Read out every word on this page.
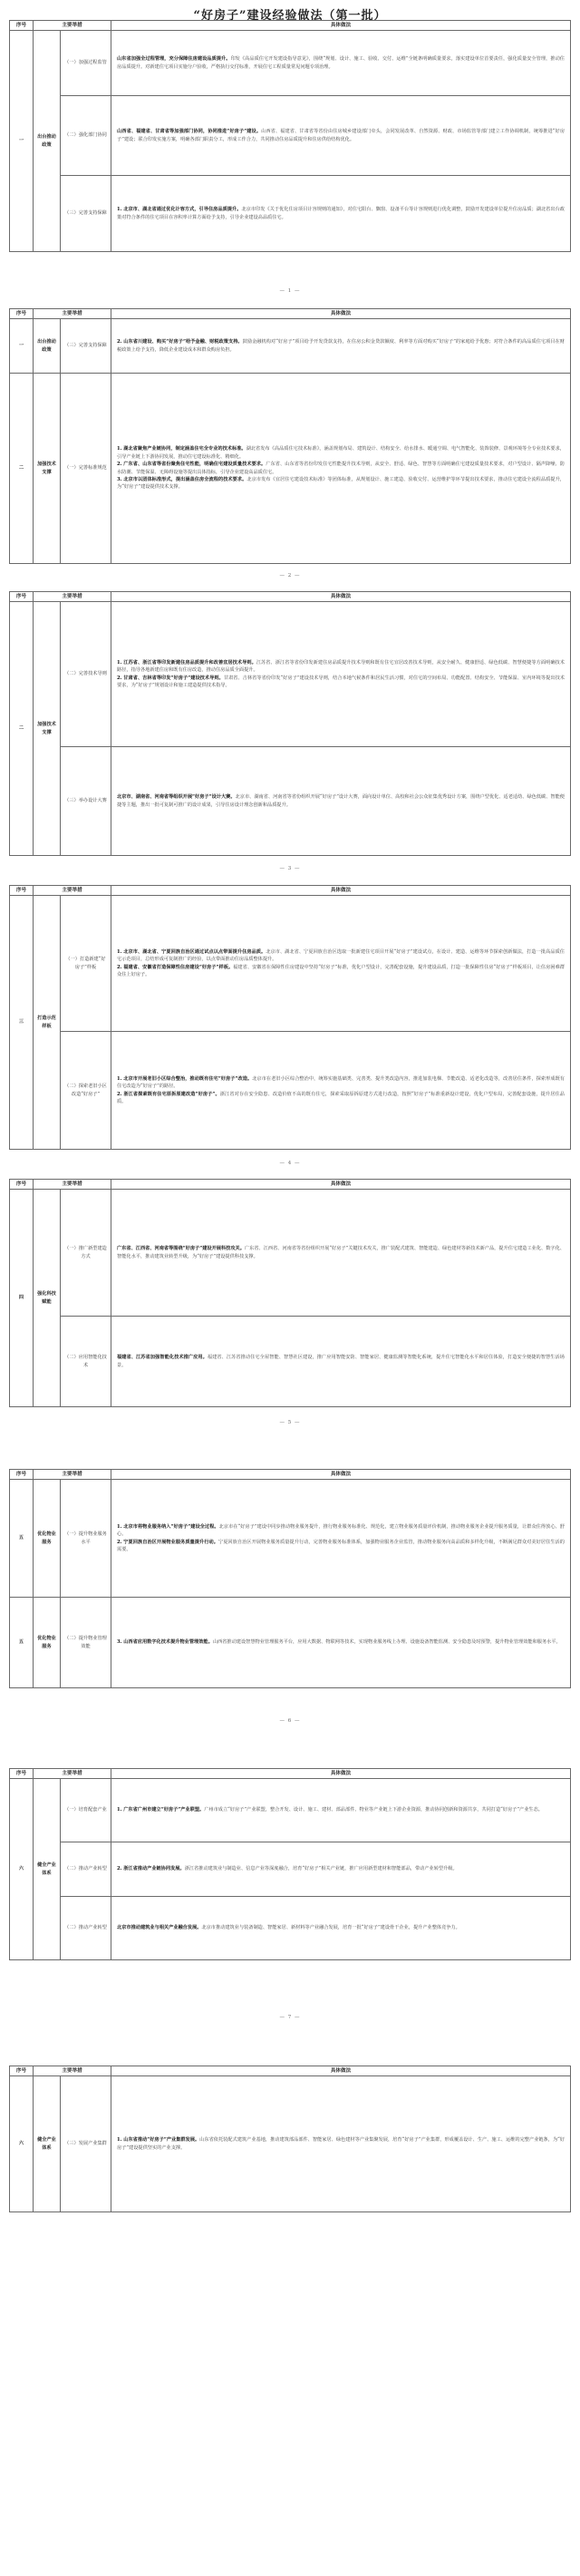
“好房子”建设经验做法（第一批）
序号	主要举措		具体做法
一	出台推动政策	（一）加强过程监管	山东省加强全过程管理，充分保障住房建设品质提升。印发《高品质住宅开发建设指导意见》，围绕“规划、设计、施工、验收、交付、运维”全链条明确质量要求，落实建设单位首要责任，强化质量安全管理，推动住房品质提升。对新建住宅项目实施分户验收，严格执行交付标准，开展住宅工程质量常见问题专项治理。
		（二）强化部门协同	山西省、福建省、甘肃省等加强部门协同，协同推进“好房子”建设。山西省、福建省、甘肃省等省份由住房城乡建设部门牵头，会同发展改革、自然资源、财政、市场监管等部门建立工作协调机制，统筹推进“好房子”建设；联合印发实施方案，明确各部门职责分工，形成工作合力，共同推动住房品质提升和住房供给结构优化。
		（三）完善支持保障	1. 北京市、湖北省通过优化计容方式，引导住房品质提升。北京市印发《关于优化住房项目计容规则的通知》，对住宅阳台、飘窗、设备平台等计容规则进行优化调整，鼓励开发建设单位提升住房品质；湖北省出台政策对符合条件的住宅项目在容积率计算方面给予支持，引导企业建设高品质住宅。
— 1 —
序号	主要举措		具体做法
一	出台推动政策	（三）完善支持保障	2. 山东省川建设、购买“好房子”给予金融、财税政策支持。鼓励金融机构对“好房子”项目给予开发贷款支持，在住房公积金贷款额度、利率等方面对购买“好房子”的家庭给予优惠；对符合条件的高品质住宅项目在财税政策上给予支持，降低企业建设成本和群众购房负担。
二	加强技术支撑	（一）完善标准规范	1. 湖北省聚焦产业链协同，制定涵盖住宅全专业的技术标准。湖北省发布《高品质住宅技术标准》，涵盖规划布局、建筑设计、结构安全、给水排水、暖通空调、电气智能化、装饰装修、景观环境等全专业技术要求，引导产业链上下游协同发展，推动住宅建设标准化、精细化。
2. 广东省、山东省等省份聚焦住宅性能，明确住宅建设质量技术要求。广东省、山东省等省份印发住宅性能提升技术导则，从安全、舒适、绿色、智慧等方面明确住宅建设质量技术要求，对户型设计、隔声降噪、防水防潮、节能保温、无障碍设施等提出具体指标，引导企业建设高品质住宅。
3. 北京市以团体标准形式，提出涵盖住房全流程的技术要求。北京市发布《宜居住宅建设技术标准》等团体标准，从规划设计、施工建造、验收交付、运营维护等环节提出技术要求，推动住宅建设全流程品质提升，为“好房子”建设提供技术支撑。
— 2 —
序号	主要举措		具体做法
二	加强技术支撑	（二）完善技术导则	1. 江苏省、浙江省等印发新建住房品质提升和改善宜居技术导则。江苏省、浙江省等省份印发新建住房品质提升技术导则和既有住宅宜居改善技术导则，从安全耐久、健康舒适、绿色低碳、智慧便捷等方面明确技术路径，指导各地新建住房和既有住房改造，推动住房品质全面提升。
2. 甘肃省、吉林省等印发“好房子”建设技术导则。甘肃省、吉林省等省份印发“好房子”建设技术导则，结合本地气候条件和居民生活习惯，对住宅的空间布局、功能配置、结构安全、节能保温、室内环境等提出技术要求，为“好房子”规划设计和施工建造提供技术指导。

		（三）举办设计大赛	北京市、湖南省、河南省等组织开展“好房子”设计大赛。北京市、湖南省、河南省等省份组织开展“好房子”设计大赛，面向设计单位、高校和社会公众征集优秀设计方案，围绕户型优化、适老适幼、绿色低碳、智能便捷等主题，推出一批可复制可推广的设计成果，引导住房设计理念创新和品质提升。
— 3 —
序号	主要举措		具体做法
三	打造示范样板	（一）打造新建“好房子”样板	1. 北京市、湖北省、宁夏回族自治区通过试点以点带面提升住房品质。北京市、湖北省、宁夏回族自治区选取一批新建住宅项目开展“好房子”建设试点，在设计、建造、运维等环节探索创新做法，打造一批高品质住宅示范项目，总结形成可复制推广的经验，以点带面推动住房品质整体提升。
2. 福建省、安徽省打造保障性住房建设“好房子”样板。福建省、安徽省在保障性住房建设中坚持“好房子”标准，优化户型设计，完善配套设施，提升建设品质，打造一批保障性住房“好房子”样板项目，让住房困难群众住上好房子。

		（二）探索老旧小区改造“好房子”	1. 北京市开展老旧小区综合整治，推动既有住宅“好房子”改造。北京市在老旧小区综合整治中，统筹实施基础类、完善类、提升类改造内容，推进加装电梯、节能改造、适老化改造等，改善居住条件，探索形成既有住宅改造为“好房子”的路径。
2. 浙江省探索既有住宅原拆原建改造“好房子”。浙江省对存在安全隐患、改造价值不高的既有住宅，探索采取原拆原建方式进行改造，按照“好房子”标准重新设计建设，优化户型布局，完善配套设施，提升居住品质。
— 4 —
序号	主要举措		具体做法
四	强化科技赋能	（一）推广新型建造方式	广东省、江西省、河南省等围绕“好房子”建设开展科技攻关。广东省、江西省、河南省等省份组织开展“好房子”关键技术攻关，推广装配式建筑、智能建造、绿色建材等新技术新产品，提升住宅建造工业化、数字化、智能化水平，推动建筑业转型升级，为“好房子”建设提供科技支撑。
		（二）应用智能化技术	福建省、江苏省加强智能化技术推广应用。福建省、江苏省推动住宅全屋智能、智慧社区建设，推广应用智能安防、智能家居、健康监测等智能化系统，提升住宅智能化水平和居住体验，打造安全便捷的智慧生活场景。
— 5 —
序号	主要举措		具体做法
五	优化物业服务	（一）提升物业服务水平	1. 北京市将物业服务纳入“好房子”建设全过程。北京市在“好房子”建设中同步推动物业服务提升，推行物业服务标准化、规范化，建立物业服务质量评价机制，推动物业服务企业提升服务质量，让群众住得放心、舒心。
2. 宁夏回族自治区开展物业服务质量提升行动。宁夏回族自治区开展物业服务质量提升行动，完善物业服务标准体系，加强物业服务企业监管，推动物业服务向高品质和多样化升级，不断满足群众对美好居住生活的需要。

五	优化物业服务	（二）提升物业管理效能	3. 山西省应用数字化技术提升物业管理效能。山西省推动建设智慧物业管理服务平台，应用大数据、物联网等技术，实现物业服务线上办理、设施设备智能监测、安全隐患及时预警，提升物业管理效能和服务水平。
— 6 —
序号	主要举措		具体做法
六	健全产业体系	（一）培育配套产业	1. 广东省广州市建立“好房子”产业联盟。广州市成立“好房子”产业联盟，整合开发、设计、施工、建材、部品部件、物业等产业链上下游企业资源，推动协同创新和资源共享，共同打造“好房子”产业生态。
		（二）推动产业转型	2. 浙江省推动产业链协同发展。浙江省推动建筑业与制造业、信息产业等深度融合，培育“好房子”相关产业链，推广应用新型建材和智能部品，带动产业转型升级。
		（二）推动产业转型	北京市推动建筑业与相关产业融合发展。北京市推动建筑业与装备制造、智能家居、新材料等产业融合发展，培育一批“好房子”建设骨干企业，提升产业整体竞争力。
— 7 —
序号	主要举措		具体做法
六	健全产业体系	（三）发展产业集群	1. 山东省推动“好房子”产业集群发展。山东省依托装配式建筑产业基地，推动建筑部品部件、智能家居、绿色建材等产业集聚发展，培育“好房子”产业集群，形成覆盖设计、生产、施工、运维的完整产业链条，为“好房子”建设提供坚实的产业支撑。
